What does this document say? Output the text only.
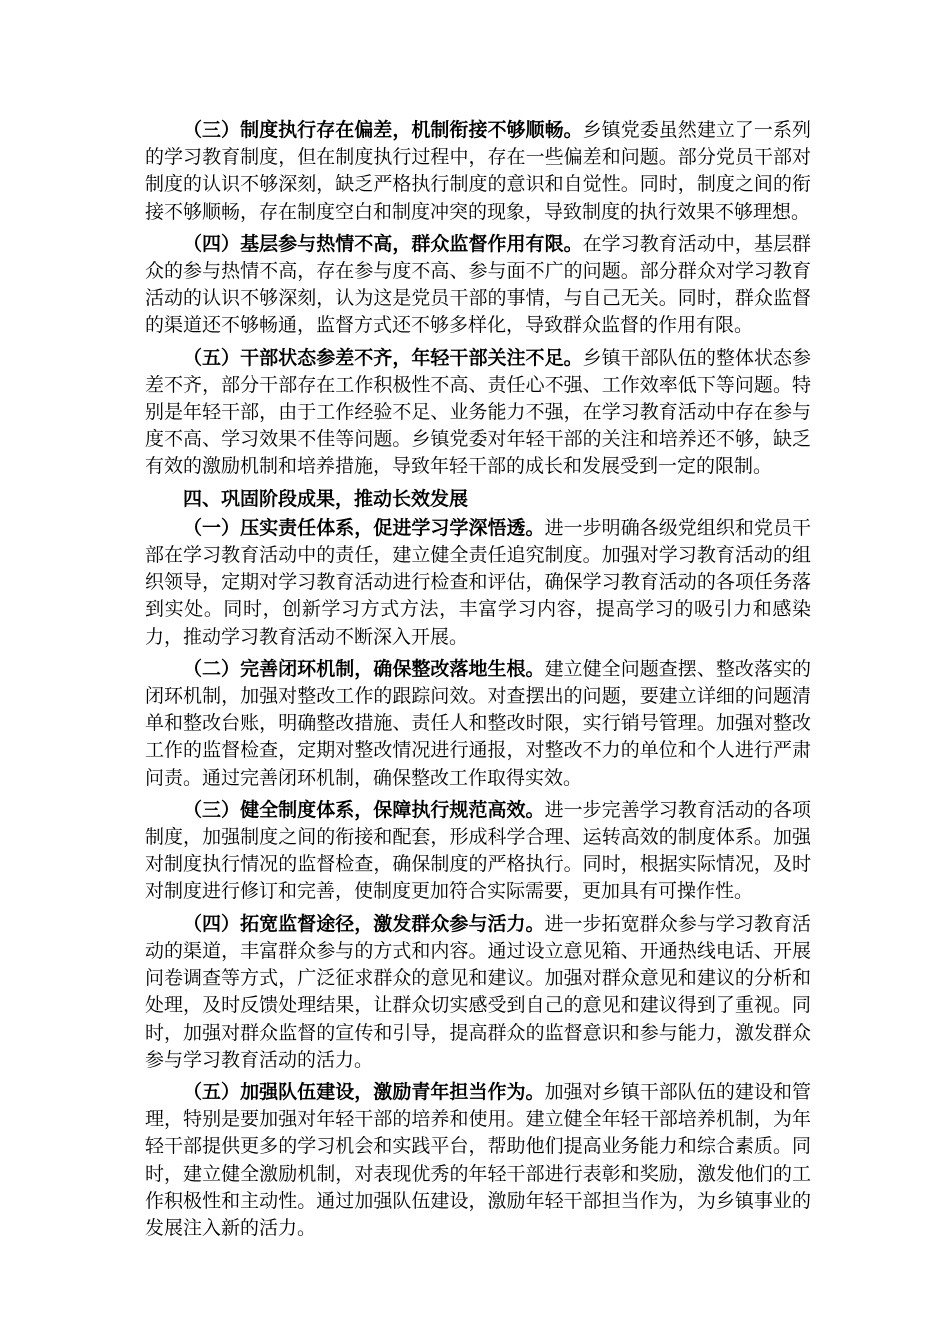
（三）制度执行存在偏差，机制衔接不够顺畅。乡镇党委虽然建立了一系列的学习教育制度，但在制度执行过程中，存在一些偏差和问题。部分党员干部对制度的认识不够深刻，缺乏严格执行制度的意识和自觉性。同时，制度之间的衔接不够顺畅，存在制度空白和制度冲突的现象，导致制度的执行效果不够理想。

（四）基层参与热情不高，群众监督作用有限。在学习教育活动中，基层群众的参与热情不高，存在参与度不高、参与面不广的问题。部分群众对学习教育活动的认识不够深刻，认为这是党员干部的事情，与自己无关。同时，群众监督的渠道还不够畅通，监督方式还不够多样化，导致群众监督的作用有限。

（五）干部状态参差不齐，年轻干部关注不足。乡镇干部队伍的整体状态参差不齐，部分干部存在工作积极性不高、责任心不强、工作效率低下等问题。特别是年轻干部，由于工作经验不足、业务能力不强，在学习教育活动中存在参与度不高、学习效果不佳等问题。乡镇党委对年轻干部的关注和培养还不够，缺乏有效的激励机制和培养措施，导致年轻干部的成长和发展受到一定的限制。

四、巩固阶段成果，推动长效发展

（一）压实责任体系，促进学习学深悟透。进一步明确各级党组织和党员干部在学习教育活动中的责任，建立健全责任追究制度。加强对学习教育活动的组织领导，定期对学习教育活动进行检查和评估，确保学习教育活动的各项任务落到实处。同时，创新学习方式方法，丰富学习内容，提高学习的吸引力和感染力，推动学习教育活动不断深入开展。

（二）完善闭环机制，确保整改落地生根。建立健全问题查摆、整改落实的闭环机制，加强对整改工作的跟踪问效。对查摆出的问题，要建立详细的问题清单和整改台账，明确整改措施、责任人和整改时限，实行销号管理。加强对整改工作的监督检查，定期对整改情况进行通报，对整改不力的单位和个人进行严肃问责。通过完善闭环机制，确保整改工作取得实效。

（三）健全制度体系，保障执行规范高效。进一步完善学习教育活动的各项制度，加强制度之间的衔接和配套，形成科学合理、运转高效的制度体系。加强对制度执行情况的监督检查，确保制度的严格执行。同时，根据实际情况，及时对制度进行修订和完善，使制度更加符合实际需要，更加具有可操作性。

（四）拓宽监督途径，激发群众参与活力。进一步拓宽群众参与学习教育活动的渠道，丰富群众参与的方式和内容。通过设立意见箱、开通热线电话、开展问卷调查等方式，广泛征求群众的意见和建议。加强对群众意见和建议的分析和处理，及时反馈处理结果，让群众切实感受到自己的意见和建议得到了重视。同时，加强对群众监督的宣传和引导，提高群众的监督意识和参与能力，激发群众参与学习教育活动的活力。

（五）加强队伍建设，激励青年担当作为。加强对乡镇干部队伍的建设和管理，特别是要加强对年轻干部的培养和使用。建立健全年轻干部培养机制，为年轻干部提供更多的学习机会和实践平台，帮助他们提高业务能力和综合素质。同时，建立健全激励机制，对表现优秀的年轻干部进行表彰和奖励，激发他们的工作积极性和主动性。通过加强队伍建设，激励年轻干部担当作为，为乡镇事业的发展注入新的活力。
